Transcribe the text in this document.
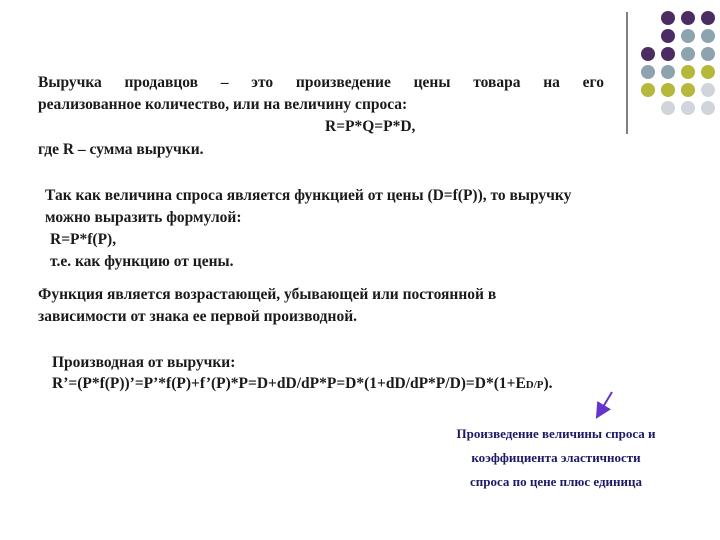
Выручка продавцов – это произведение цены товара на его
реализованное количество, или на величину спроса:
R=P*Q=P*D,
где R – сумма выручки.
Так как величина спроса является функцией от цены (D=f(P)), то выручку
можно выразить формулой:
R=P*f(P),
т.е. как функцию от цены.
Функция является возрастающей, убывающей или постоянной в
зависимости от знака ее первой производной.
Производная от выручки:
R’=(P*f(P))’=P’*f(P)+f’(P)*P=D+dD/dP*P=D*(1+dD/dP*P/D)=D*(1+ED/P).
Произведение величины спроса и
коэффициента эластичности
спроса по цене плюс единица
